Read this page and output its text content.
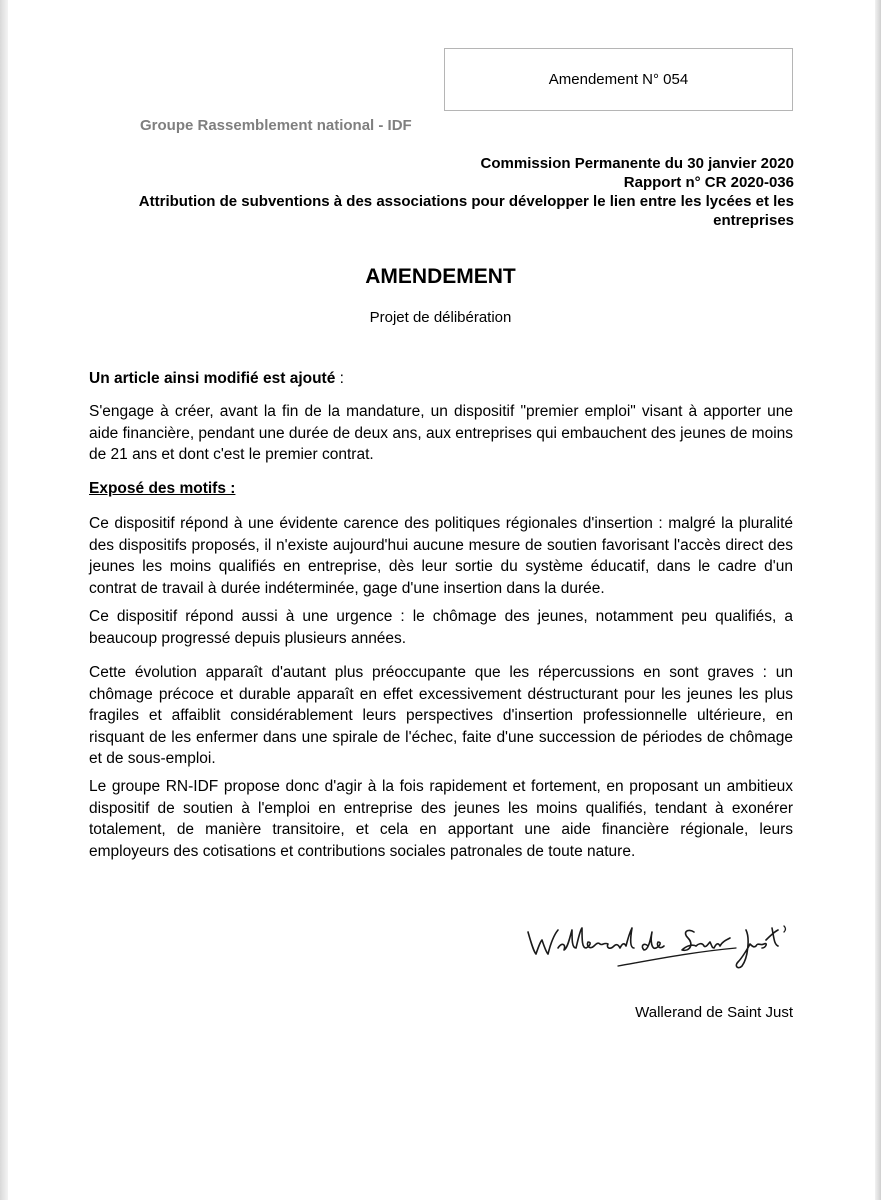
Amendement N° 054
Groupe Rassemblement national - IDF
Commission Permanente du 30 janvier 2020
Rapport n° CR 2020-036
Attribution de subventions à des associations pour développer le lien entre les lycées et les
entreprises
AMENDEMENT
Projet de délibération
Un article ainsi modifié est ajouté :
S'engage à créer, avant la fin de la mandature, un dispositif "premier emploi" visant à apporter une aide financière, pendant une durée de deux ans, aux entreprises qui embauchent des jeunes de moins de 21 ans et dont c'est le premier contrat.
Exposé des motifs :
Ce dispositif répond à une évidente carence des politiques régionales d'insertion : malgré la pluralité des dispositifs proposés, il n'existe aujourd'hui aucune mesure de soutien favorisant l'accès direct des jeunes les moins qualifiés en entreprise, dès leur sortie du système éducatif, dans le cadre d'un contrat de travail à durée indéterminée, gage d'une insertion dans la durée.
Ce dispositif répond aussi à une urgence : le chômage des jeunes, notamment peu qualifiés, a beaucoup progressé depuis plusieurs années.
Cette évolution apparaît d'autant plus préoccupante que les répercussions en sont graves : un chômage précoce et durable apparaît en effet excessivement déstructurant pour les jeunes les plus fragiles et affaiblit considérablement leurs perspectives d'insertion professionnelle ultérieure, en risquant de les enfermer dans une spirale de l'échec, faite d'une succession de périodes de chômage et de sous-emploi.
Le groupe RN-IDF propose donc d'agir à la fois rapidement et fortement, en proposant un ambitieux dispositif de soutien à l'emploi en entreprise des jeunes les moins qualifiés, tendant à exonérer totalement, de manière transitoire, et cela en apportant une aide financière régionale, leurs employeurs des cotisations et contributions sociales patronales de toute nature.
Wallerand de Saint Just
